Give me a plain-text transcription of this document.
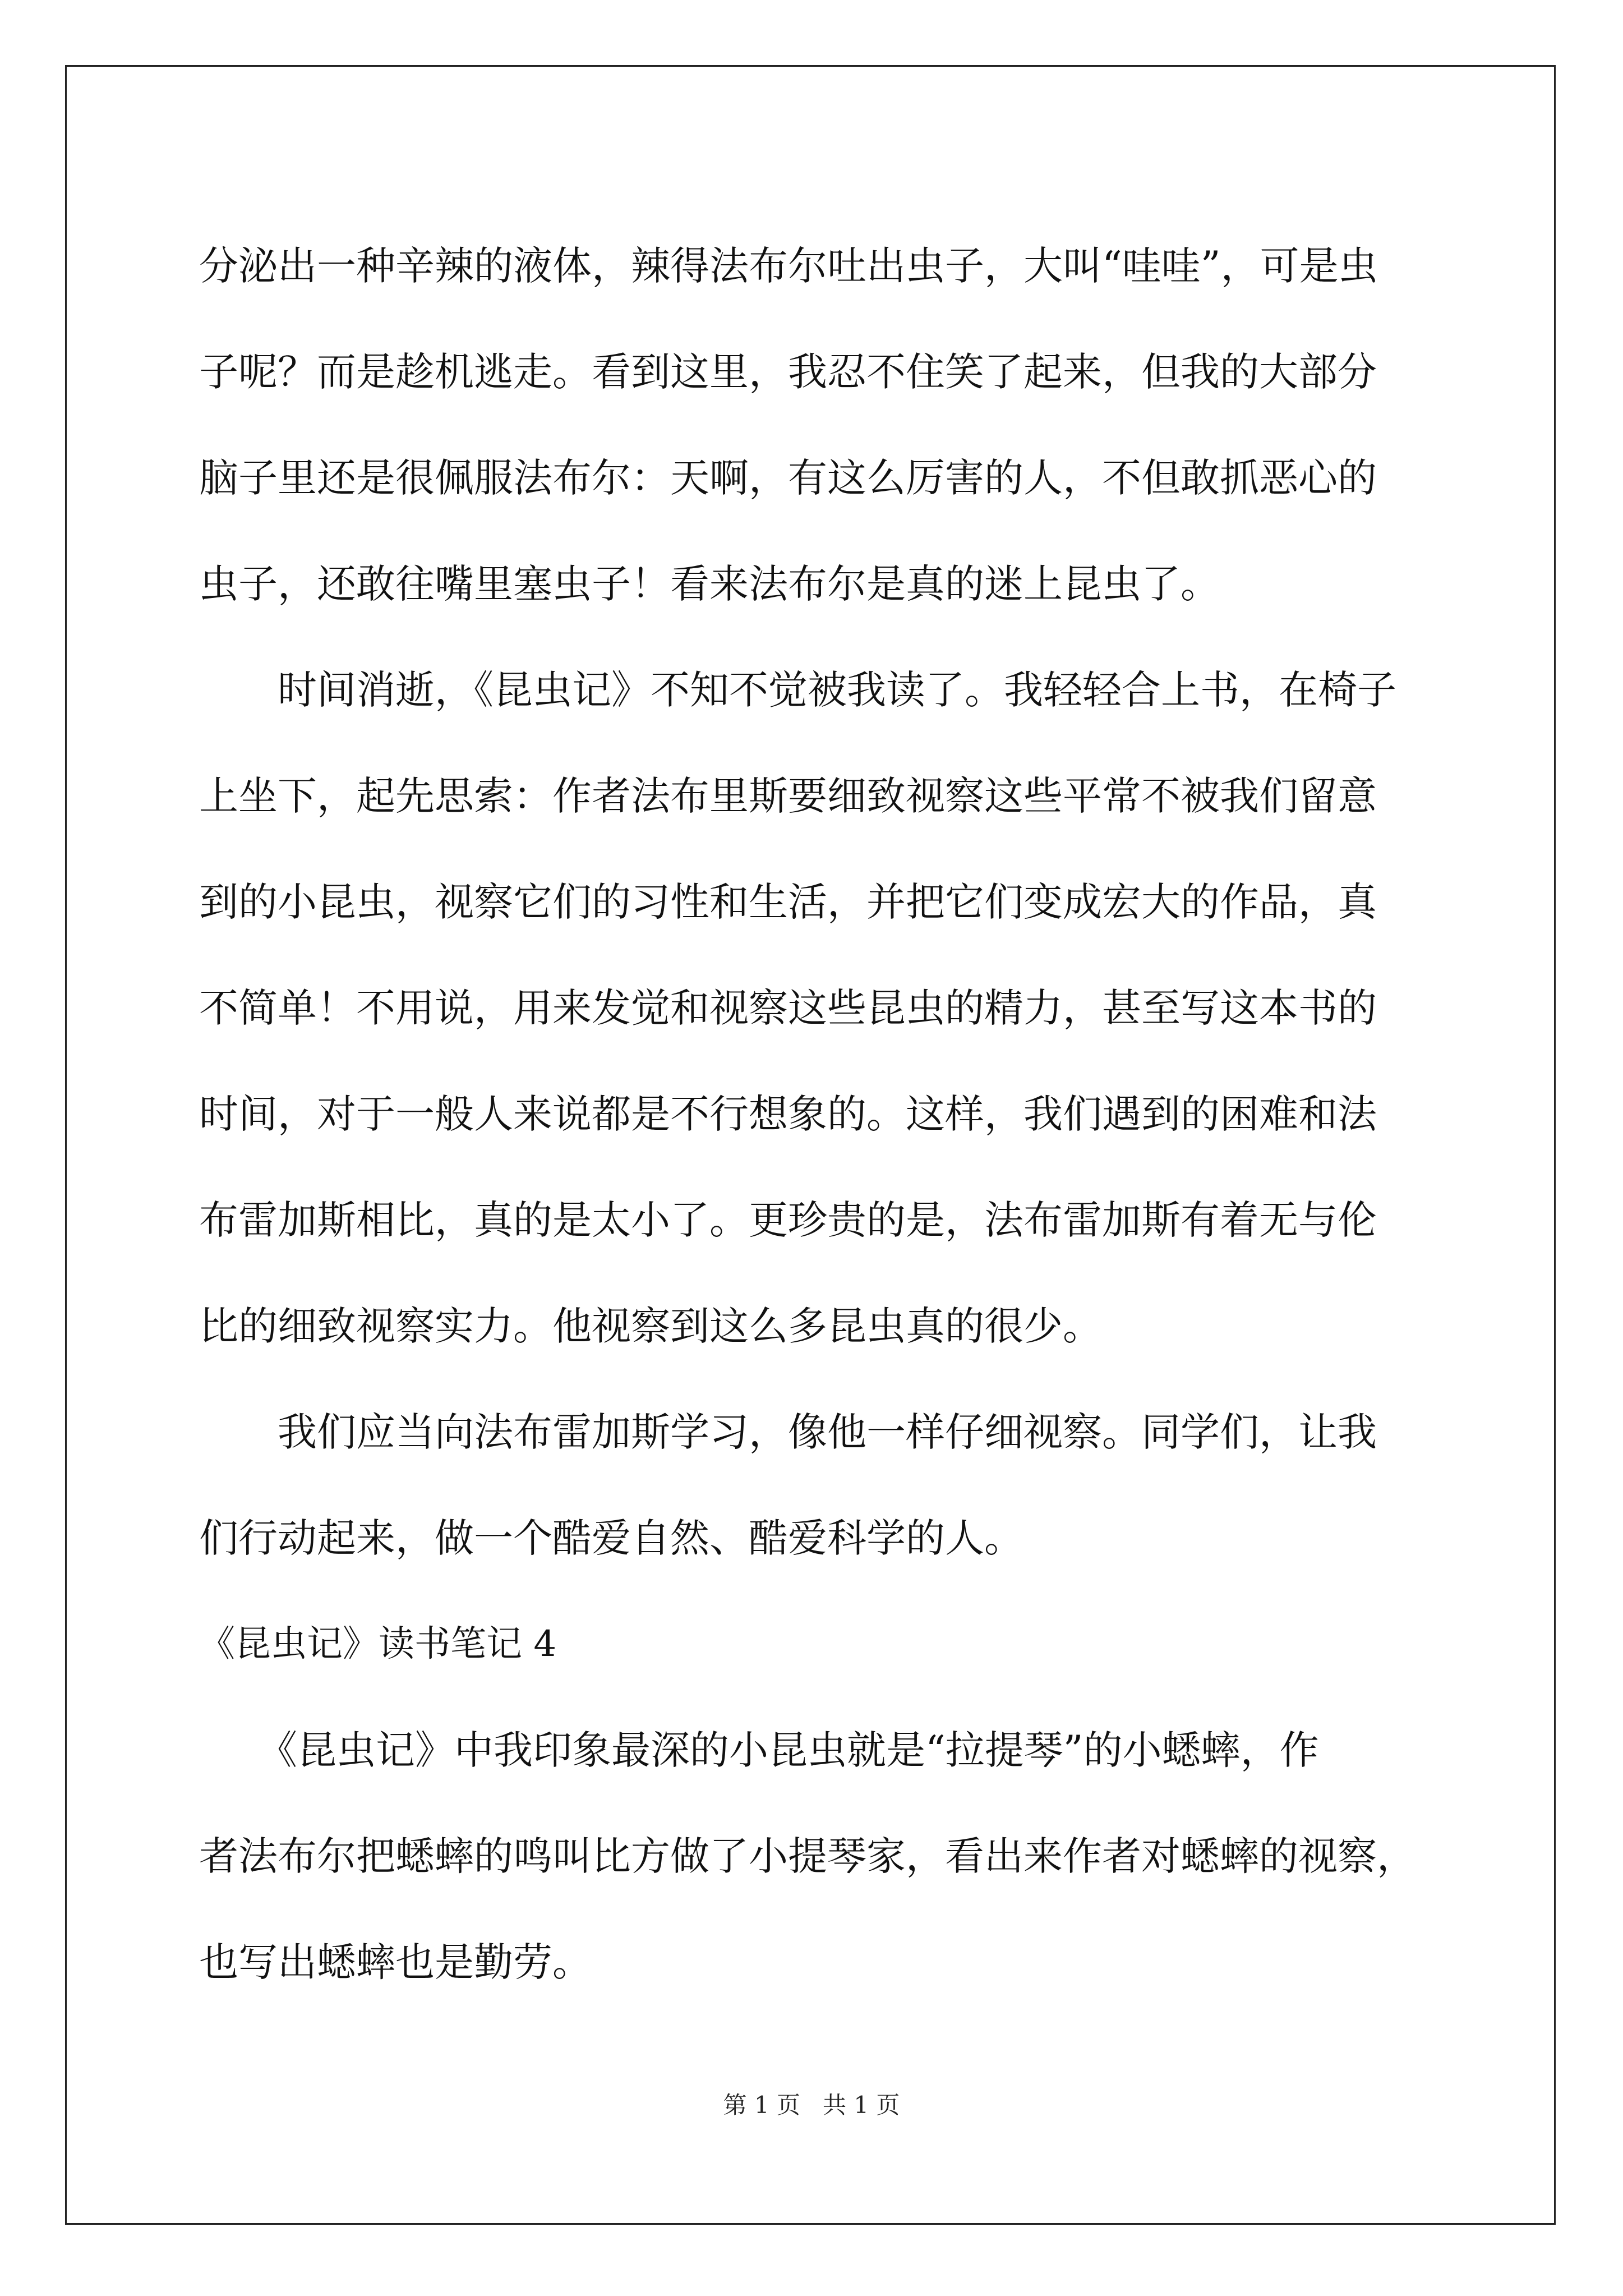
分泌出一种辛辣的液体，辣得法布尔吐出虫子，大叫“哇哇”，可是虫
子呢？而是趁机逃走。看到这里，我忍不住笑了起来，但我的大部分
脑子里还是很佩服法布尔：天啊，有这么厉害的人，不但敢抓恶心的
虫子，还敢往嘴里塞虫子！看来法布尔是真的迷上昆虫了。
　　时间消逝，《昆虫记》不知不觉被我读了。我轻轻合上书，在椅子
上坐下，起先思索：作者法布里斯要细致视察这些平常不被我们留意
到的小昆虫，视察它们的习性和生活，并把它们变成宏大的作品，真
不简单！不用说，用来发觉和视察这些昆虫的精力，甚至写这本书的
时间，对于一般人来说都是不行想象的。这样，我们遇到的困难和法
布雷加斯相比，真的是太小了。更珍贵的是，法布雷加斯有着无与伦
比的细致视察实力。他视察到这么多昆虫真的很少。
　　我们应当向法布雷加斯学习，像他一样仔细视察。同学们，让我
们行动起来，做一个酷爱自然、酷爱科学的人。
《昆虫记》读书笔记 4
　　《昆虫记》中我印象最深的小昆虫就是“拉提琴”的小蟋蟀，作
者法布尔把蟋蟀的鸣叫比方做了小提琴家，看出来作者对蟋蟀的视察，
也写出蟋蟀也是勤劳。
第 1 页 共 1 页
